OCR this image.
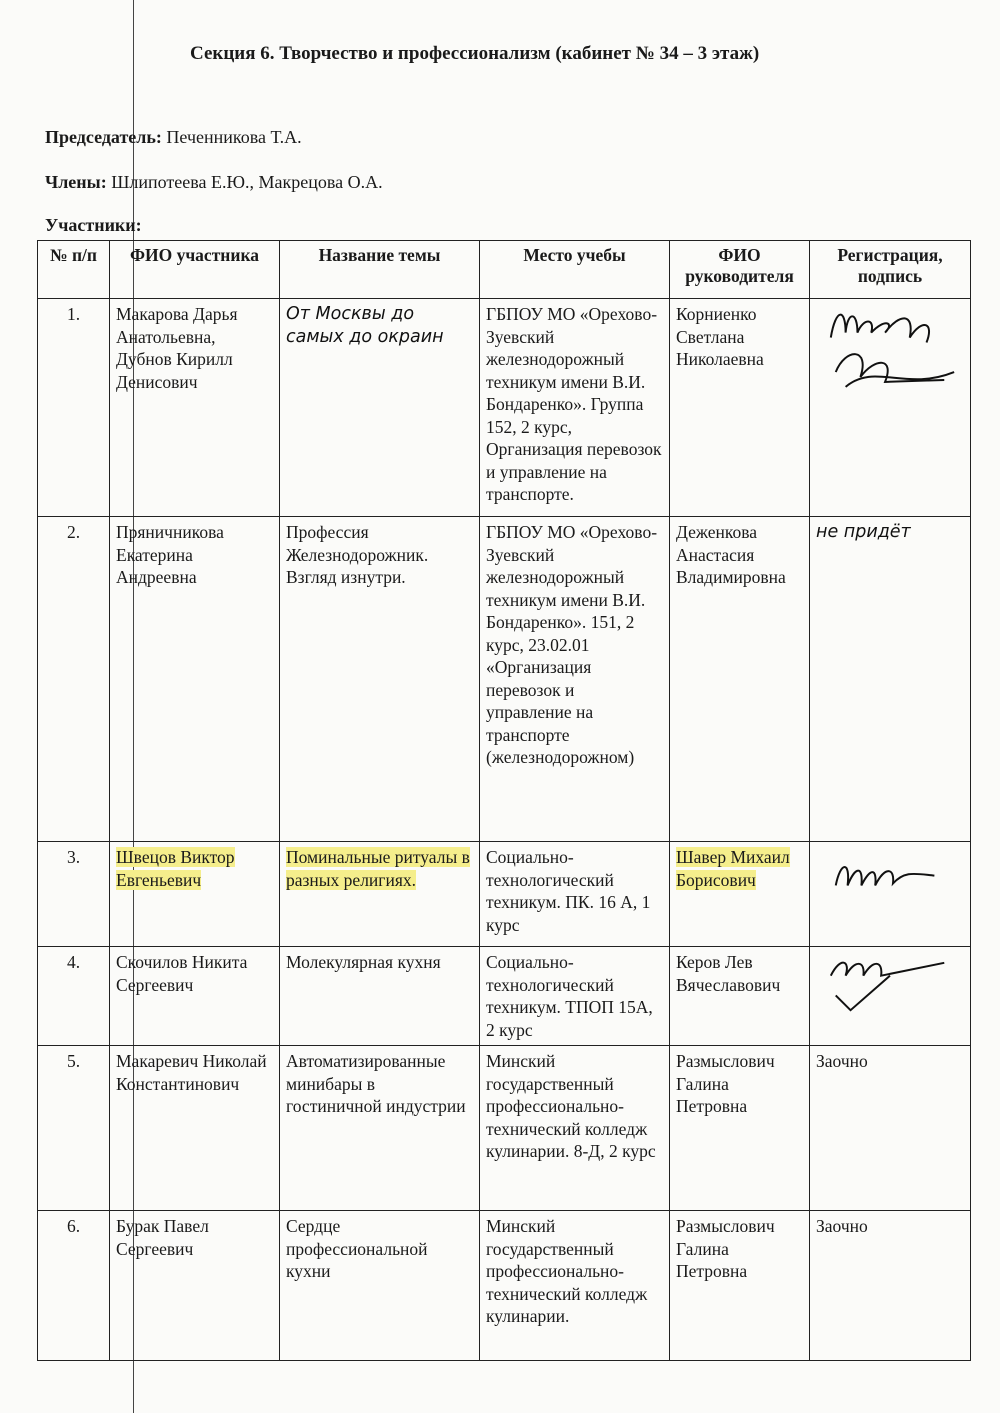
Секция 6. Творчество и профессионализм (кабинет № 34 – 3 этаж)
Председатель: Печенникова Т.А.
Члены: Шлипотеева Е.Ю., Макрецова О.А.
Участники:
№ п/п	ФИО участника	Название темы	Место учебы	ФИО руководителя	Регистрация, подпись
1.	Макарова Дарья Анатольевна, Дубнов Кирилл Денисович	От Москвы до самых до окраин	ГБПОУ МО «Орехово-Зуевский железнодорожный техникум имени В.И. Бондаренко». Группа 152, 2 курс, Организация перевозок и управление на транспорте.	Корниенко Светлана Николаевна	

2.	Пряничникова Екатерина Андреевна	Профессия Железнодорожник. Взгляд изнутри.	ГБПОУ МО «Орехово-Зуевский железнодорожный техникум имени В.И. Бондаренко». 151, 2 курс, 23.02.01 «Организация перевозок и управление на транспорте (железнодорожном)	Деженкова Анастасия Владимировна	не придёт
3.	Швецов Виктор Евгеньевич	Поминальные ритуалы в разных религиях.	Социально-технологический техникум. ПК. 16 А, 1 курс	Шавер Михаил Борисович	

4.	Скочилов Никита Сергеевич	Молекулярная кухня	Социально-технологический техникум. ТПОП 15А, 2 курс	Керов Лев Вячеславович	

5.	Макаревич Николай Константинович	Автоматизированные минибары в гостиничной индустрии	Минский государственный профессионально-технический колледж кулинарии. 8-Д, 2 курс	Размыслович Галина Петровна	Заочно
6.	Бурак Павел Сергеевич	Сердце профессиональной кухни	Минский государственный профессионально-технический колледж кулинарии.	Размыслович Галина Петровна	Заочно
